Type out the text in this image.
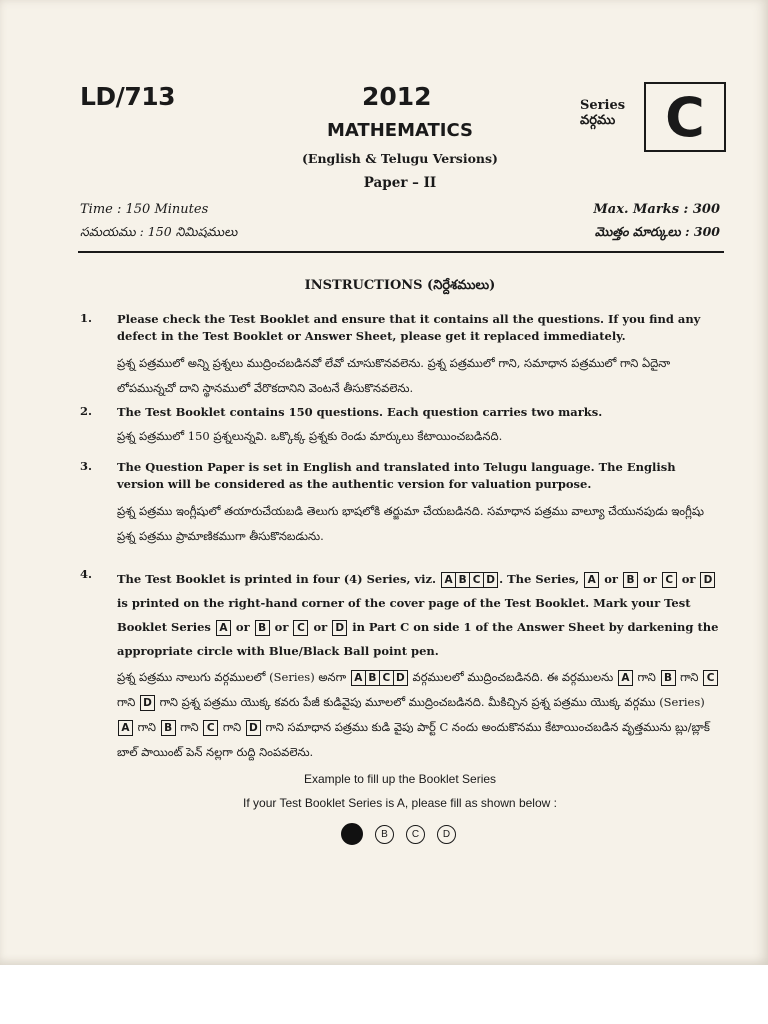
LD/713	2012
MATHEMATICS
(English & Telugu Versions)
Paper – II
Series
వర్గము C
Time : 150 Minutes
సమయము : 150 నిమిషములు
Max. Marks : 300
మొత్తం మార్కులు : 300
INSTRUCTIONS (నిర్దేశములు)
1. Please check the Test Booklet and ensure that it contains all the questions. If you find any defect in the Test Booklet or Answer Sheet, please get it replaced immediately.

ప్రశ్న పత్రములో అన్ని ప్రశ్నలు ముద్రించబడినవో లేవో చూసుకొనవలెను. ప్రశ్న పత్రములో గాని, సమాధాన పత్రములో గాని ఏదైనా లోపమున్నచో దాని స్థానములో వేరొకదానిని వెంటనే తీసుకొనవలెను.

2. The Test Booklet contains 150 questions. Each question carries two marks.

ప్రశ్న పత్రములో 150 ప్రశ్నలున్నవి. ఒక్కొక్క ప్రశ్నకు రెండు మార్కులు కేటాయించబడినది.

3. The Question Paper is set in English and translated into Telugu language. The English version will be considered as the authentic version for valuation purpose.

ప్రశ్న పత్రము ఇంగ్లీషులో తయారుచేయబడి తెలుగు భాషలోకి తర్జుమా చేయబడినది. సమాధాన పత్రము వాల్యూ చేయునపుడు ఇంగ్లీషు ప్రశ్న పత్రము ప్రామాణికముగా తీసుకొనబడును.

4. The Test Booklet is printed in four (4) Series, viz. A B C D . The Series, A or B or C or D is printed on the right-hand corner of the cover page of the Test Booklet. Mark your Test Booklet Series A or B or C or D in Part C on side 1 of the Answer Sheet by darkening the appropriate circle with Blue/Black Ball point pen.

ప్రశ్న పత్రము నాలుగు వర్గములలో (Series) అనగా A B C D వర్గములలో ముద్రించబడినది. ఈ వర్గములను A గాని B గాని C గాని D గాని ప్రశ్న పత్రము యొక్క కవరు పేజీ కుడివైపు మూలలో ముద్రించబడినది. మీకిచ్చిన ప్రశ్న పత్రము యొక్క వర్గము (Series) A గాని B గాని C గాని D గాని సమాధాన పత్రము కుడి వైపు పార్ట్ C నందు అందుకొనము కేటాయించబడిన వృత్తమును బ్లు/బ్లాక్ బాల్ పాయింట్ పెన్ నల్లగా రుద్ది నింపవలెను.

Example to fill up the Booklet Series
If your Test Booklet Series is A, please fill as shown below :
B	C	D
